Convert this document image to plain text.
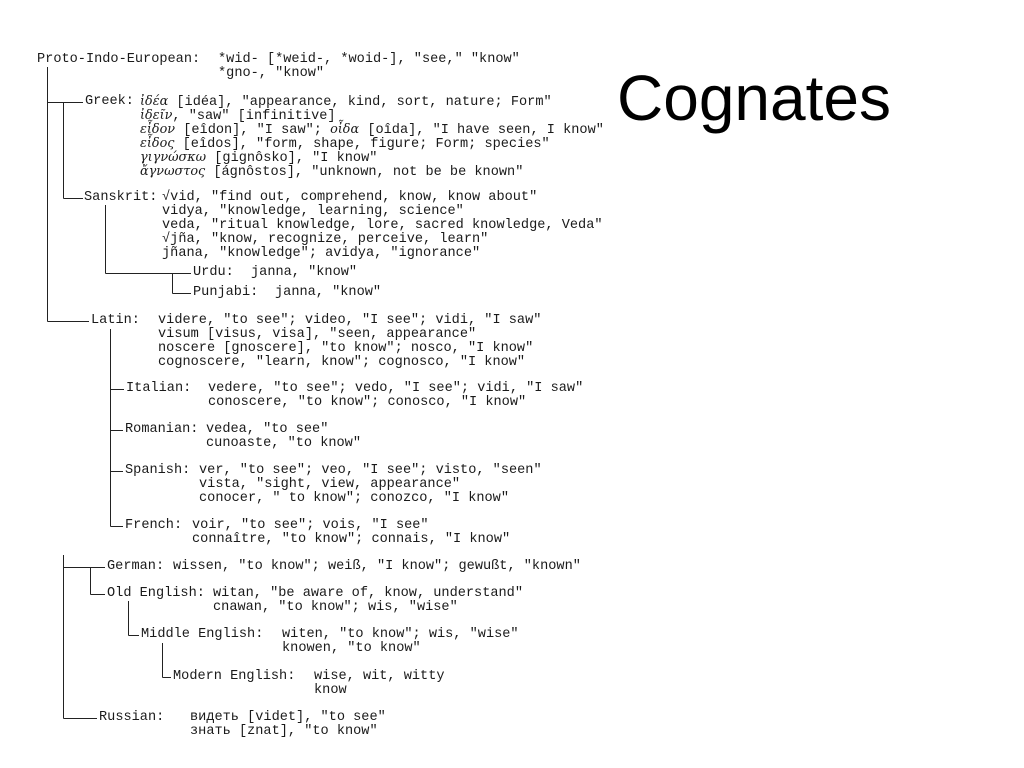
Cognates
Proto-Indo-European: *wid- [*weid-, *woid-], "see," "know"
*gno-, "know"
Greek: ἰδέα [idéa], "appearance, kind, sort, nature; Form"
ἰδεῖν, "saw" [infinitive]
εἶδον [eîdon], "I saw"; οἶδα [oîda], "I have seen, I know"
εἶδος [eîdos], "form, shape, figure; Form; species"
γιγνώσκω [gignôsko], "I know"
ἄγνωστος [ágnôstos], "unknown, not be be known"
Sanskrit: √vid, "find out, comprehend, know, know about"
vidya, "knowledge, learning, science"
veda, "ritual knowledge, lore, sacred knowledge, Veda"
√jña, "know, recognize, perceive, learn"
jñana, "knowledge"; avidya, "ignorance"
Urdu: janna, "know"
Punjabi: janna, "know"
Latin: videre, "to see"; video, "I see"; vidi, "I saw"
visum [visus, visa], "seen, appearance"
noscere [gnoscere], "to know"; nosco, "I know"
cognoscere, "learn, know"; cognosco, "I know"
Italian: vedere, "to see"; vedo, "I see"; vidi, "I saw"
conoscere, "to know"; conosco, "I know"
Romanian: vedea, "to see"
cunoaste, "to know"
Spanish: ver, "to see"; veo, "I see"; visto, "seen"
vista, "sight, view, appearance"
conocer, " to know"; conozco, "I know"
French: voir, "to see"; vois, "I see"
connaître, "to know"; connais, "I know"
German: wissen, "to know"; weiß, "I know"; gewußt, "known"
Old English: witan, "be aware of, know, understand"
cnawan, "to know"; wis, "wise"
Middle English: witen, "to know"; wis, "wise"
knowen, "to know"
Modern English: wise, wit, witty
know
Russian: видеть [videt], "to see"
знать [znat], "to know"
